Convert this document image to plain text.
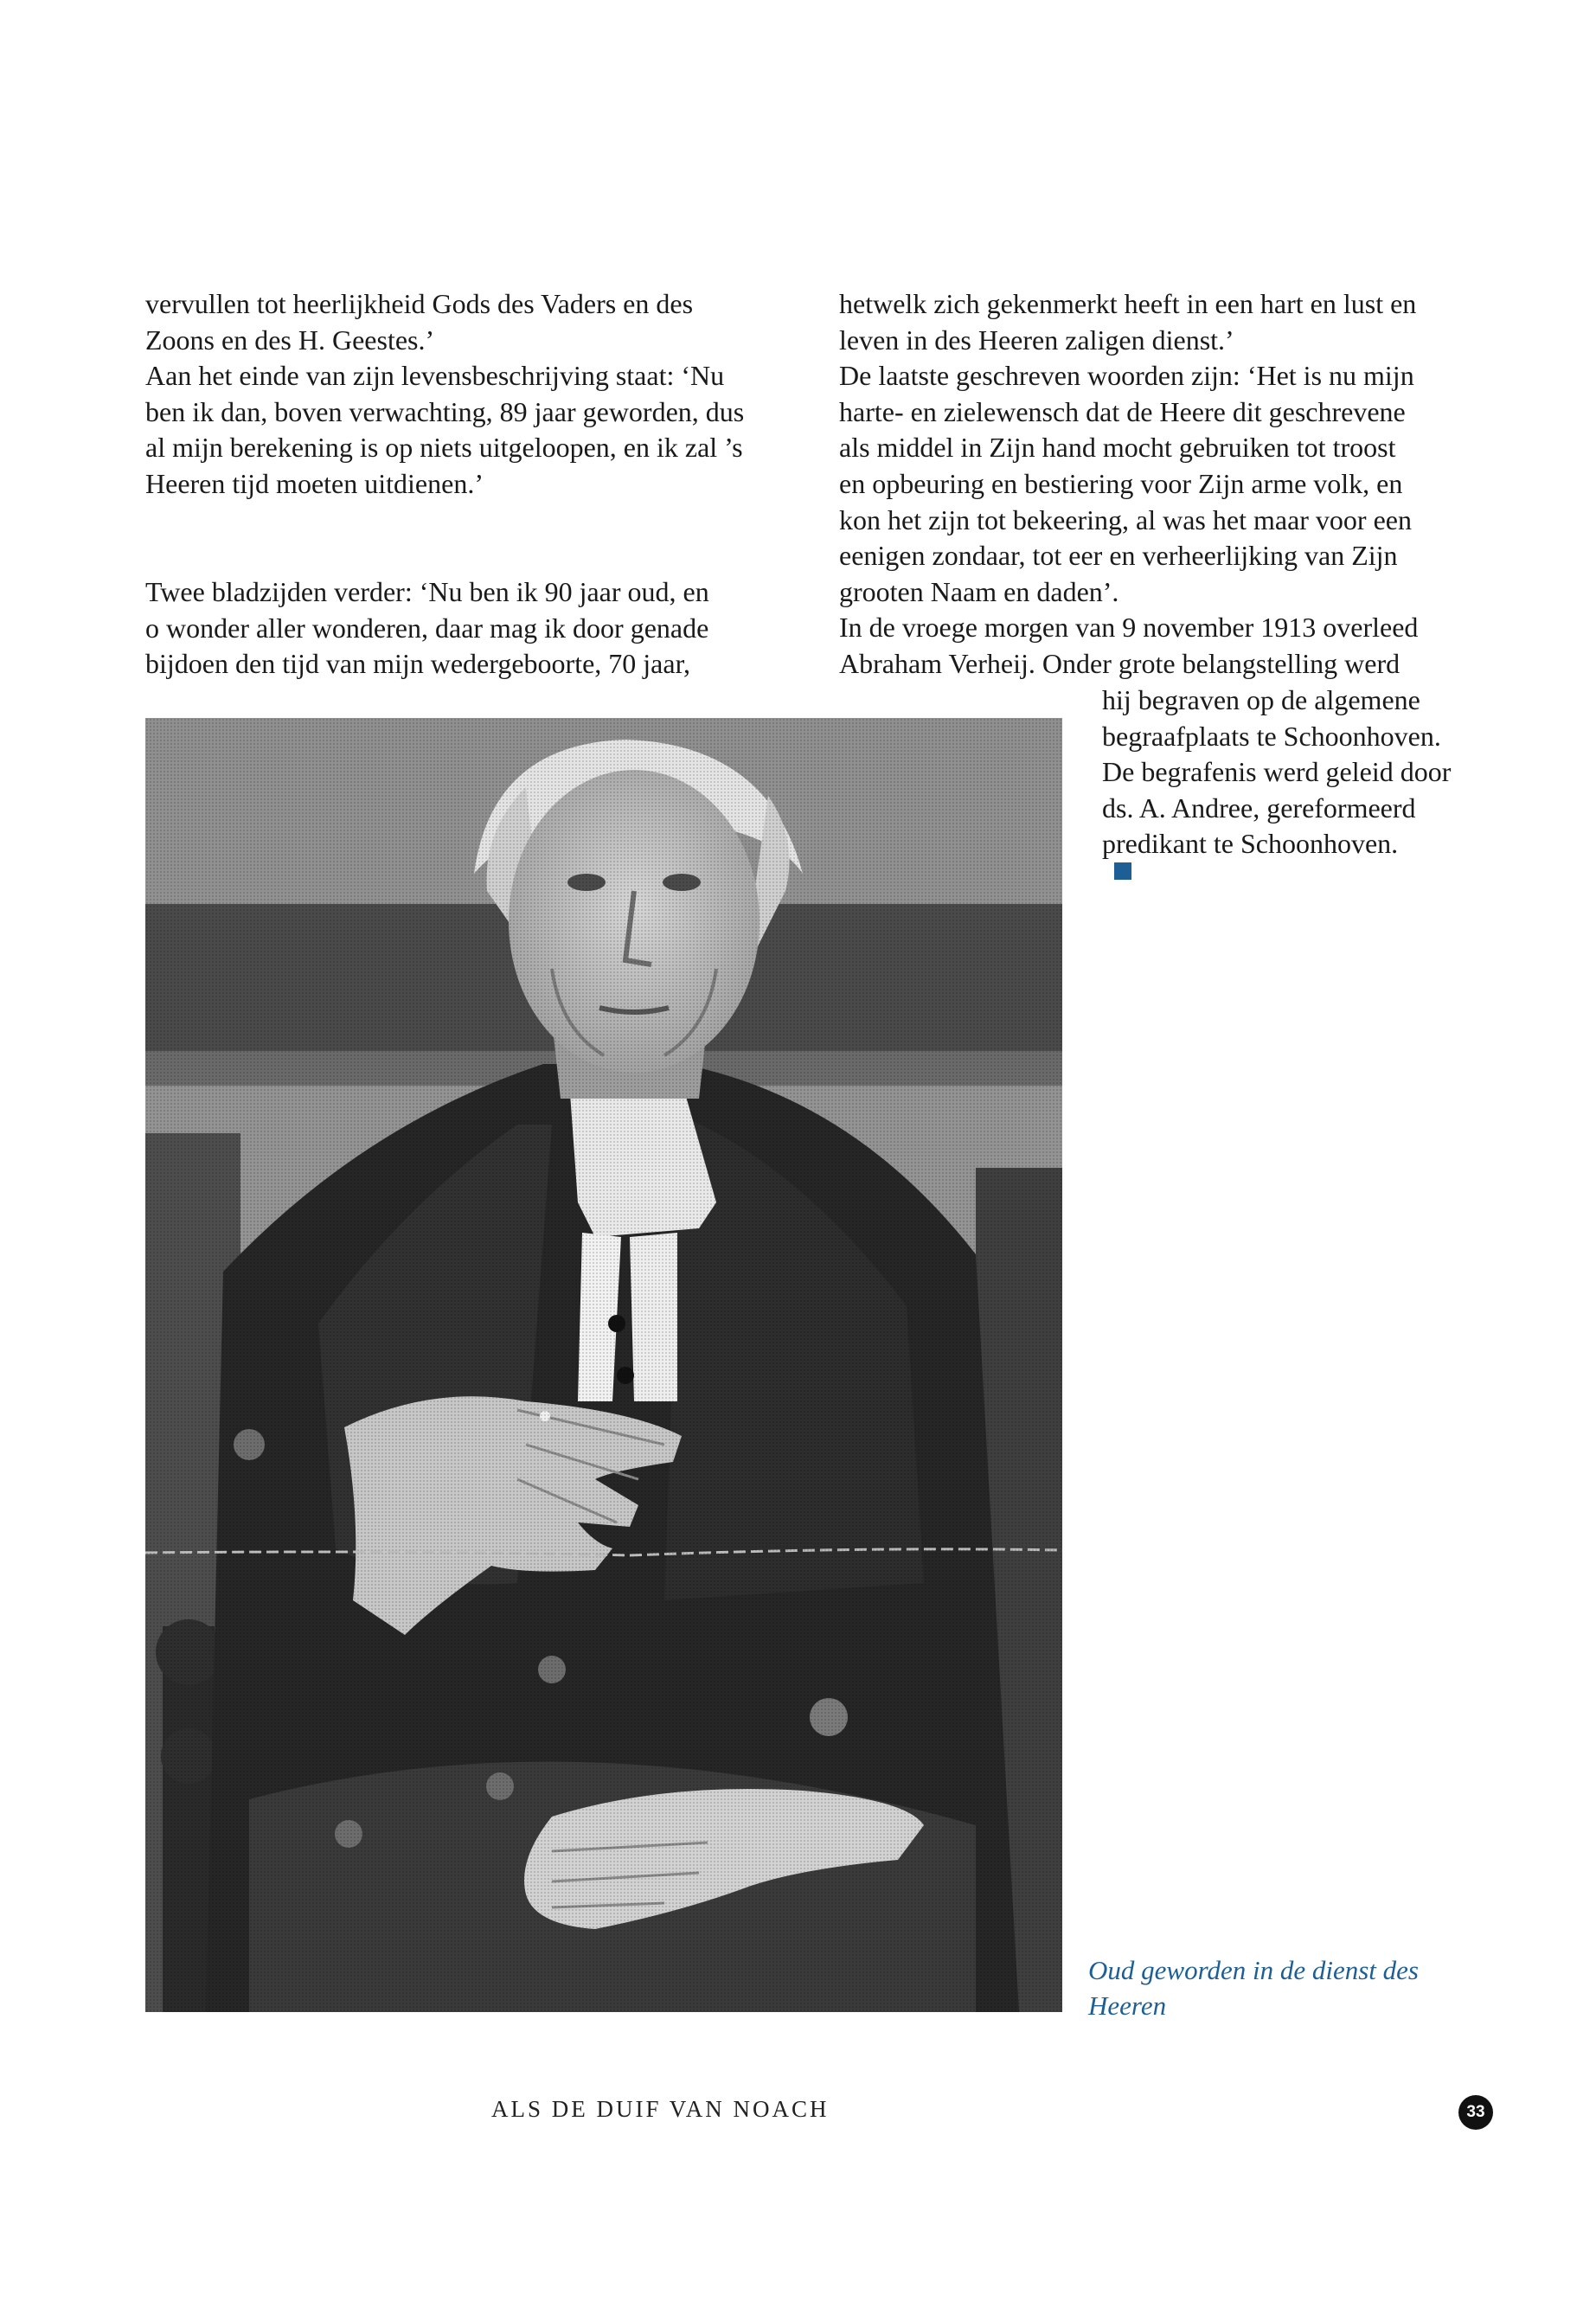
vervullen tot heerlijkheid Gods des Vaders en des
Zoons en des H. Geestes.’
Aan het einde van zijn levensbeschrijving staat: ‘Nu
ben ik dan, boven verwachting, 89 jaar geworden, dus
al mijn berekening is op niets uitgeloopen, en ik zal ’s
Heeren tijd moeten uitdienen.’
Twee bladzijden verder: ‘Nu ben ik 90 jaar oud, en
o wonder aller wonderen, daar mag ik door genade
bijdoen den tijd van mijn wedergeboorte, 70 jaar,
hetwelk zich gekenmerkt heeft in een hart en lust en
leven in des Heeren zaligen dienst.’
De laatste geschreven woorden zijn: ‘Het is nu mijn
harte- en zielewensch dat de Heere dit geschrevene
als middel in Zijn hand mocht gebruiken tot troost
en opbeuring en bestiering voor Zijn arme volk, en
kon het zijn tot bekeering, al was het maar voor een
eenigen zondaar, tot eer en verheerlijking van Zijn
grooten Naam en daden’.
In de vroege morgen van 9 november 1913 overleed
Abraham Verheij. Onder grote belangstelling werd
hij begraven op de algemene
begraafplaats te Schoonhoven.
De begrafenis werd geleid door
ds. A. Andree, gereformeerd
predikant te Schoonhoven.
Oud geworden in de dienst des
Heeren
ALS DE DUIF VAN NOACH	33
